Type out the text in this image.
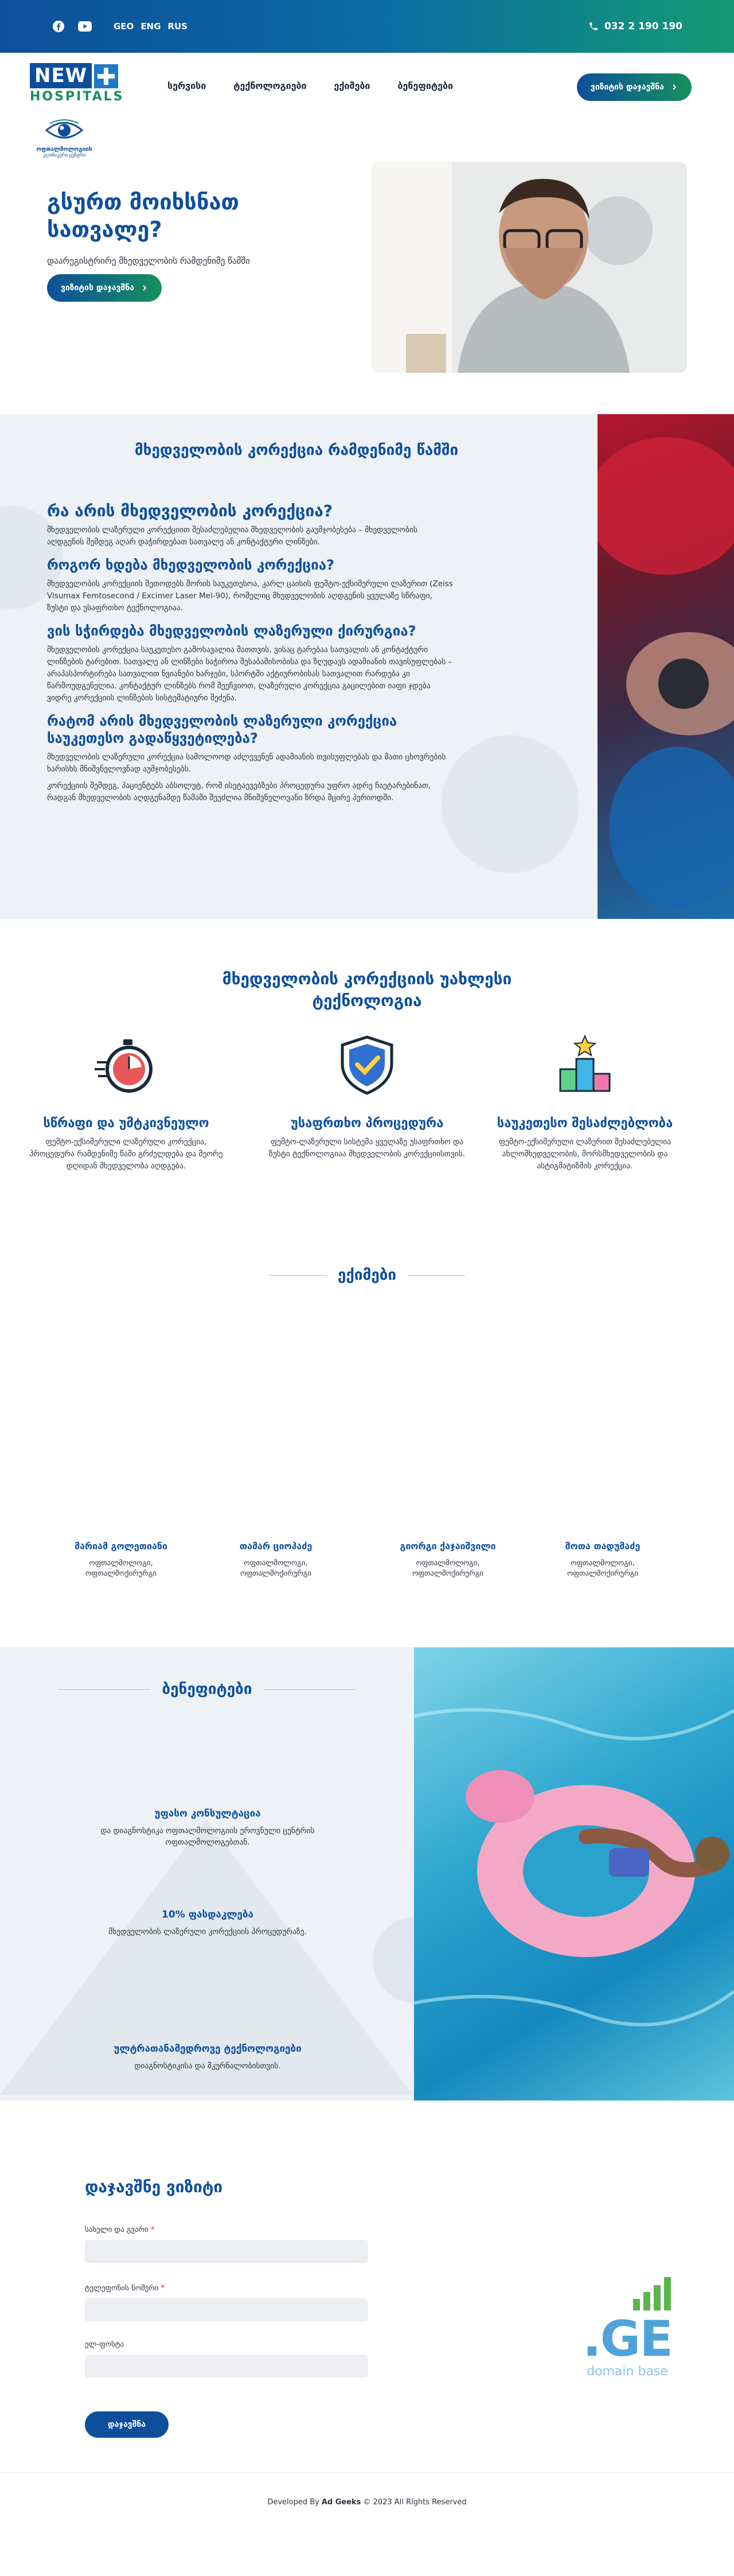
GEO ENG RUS	032 2 190 190
NEW
HOSPITALS
ოფთალმოლოგიის
კლინიკური ცენტრი
სერვისი	ტექნოლოგიები	ექიმები	ბენეფიტები	ვიზიტის დაჯავშნა
გსურთ მოიხსნათ სათვალე?
დაარეგისტრირე მხედველობის რამდენიმე წამში
ვიზიტის დაჯავშნა
მხედველობის კორექცია რამდენიმე წამში
რა არის მხედველობის კორექცია?

მხედველობის ლაზერული კორექციით შესაძლებელია მხედველობის გაუმჯობესება – მხედველობის აღდგენის შემდეგ აღარ დაჭირდებათ სათვალე ან კონტაქტური ლინზები.

როგორ ხდება მხედველობის კორექცია?

მხედველობის კორექციის მეთოდებს შორის საუკეთესოა, კარლ ცაისის ფემტო-ექსიმერული ლაზერით (Zeiss Visumax Femtosecond / Excimer Laser Mel-90), რომელიც მხედველობის აღდგენის ყველაზე სწრაფი, ზუსტი და უსაფრთხო ტექნოლოგიაა.

ვის სჭირდება მხედველობის ლაზერული ქირურგია?

მხედველობის კორექცია საუკეთესო გამოსავალია მათთვის, ვისაც ტარებაა სათვალის ან კონტაქტური ლინზების ტარებით. სათვალე ან ლინზები საჭიროა შესაბამისობისა და ზღუდავს ადამიანის თავისუფლებას – არაპასპორტირება სათვალით ნვიანები ხარჯები, სპორტში აქტიურობისას სათვალით რარდება კი წარმოუდგენელია. კონტაქტურ ლინზებს რომ შეეჩვიოთ, ლაზერული კორექცია გაცილებით იაფი ჯდება ვიდრე კორექციის ლინზების სისტემატიური შეძენა.

რატომ არის მხედველობის ლაზერული კორექცია საუკეთესო გადაწყვეტილება?

მხედველობის ლაზერული კორექცია სამოლოოდ აძლევენენ ადამიანის თვისუფლებას და მათი ცხოვრების ხარისხს მნიშვნელოვნად აუმჯობესებს.

კორექციის შემდეგ, პაციენტებს აბსოლუტ, რომ ისეტაევებზები პროცედურა უფრო ადრე ჩაეტარებინათ, რადგან მხედველობის აღდგენამდე წამამი შეუძლია მნიშვნელოვანი ზრდა მცირე პერიოდში.

მხედველობის კორექციის უახლესი ტექნოლოგია
სწრაფი და უმტკივნეულო
ფემტო-ექსიმერული ლაზერული კორექცია, პროცედურა რამდენიმე წამი გრძელდება და მეორე დღიდან მხედველობა აღდგება.
უსაფრთხო პროცედურა
ფემტო-ლაზერული სისტემა ყველაზე უსაფრთხო და ზუსტი ტექნოლოგიაა მხედველობის კორექციისთვის.
საუკეთესო შესაძლებლობა
ფემტო-ექსიმერული ლაზერით შესაძლებელია ახლომხედველობის, შორსმხედველობის და ასტიგმატიზმის კორექცია.
ექიმები
მარიამ გოლეთიანი
ოფთალმოლოგი, ოფთალმოქირურგი
თამარ ციოპაძე
ოფთალმოლოგი, ოფთალმოქირურგი
გიორგი ქაჯაიშვილი
ოფთალმოლოგი, ოფთალმოქირურგი
შოთა თადუმაძე
ოფთალმოლოგი, ოფთალმოქირურგი
ბენეფიტები
უფასო კონსულტაცია
და დიაგნოსტიკა ოფთალმოლოგიის ეროვნული ცენტრის ოფთალმოლოგებთან.
10% ფასდაკლება
მხედველობის ლაზერული კორექციის პროცედურაზე.
ულტრათანამედროვე ტექნოლოგიები
დიაგნოსტიკისა და მკურნალობისთვის.
დაჯავშნე ვიზიტი
სახელი და გვარი *
ტელეფონის ნომერი *
ელ-ფოსტა
დაჯავშნა
.GE
domain base
Developed By Ad Geeks © 2023 All Rights Reserved
